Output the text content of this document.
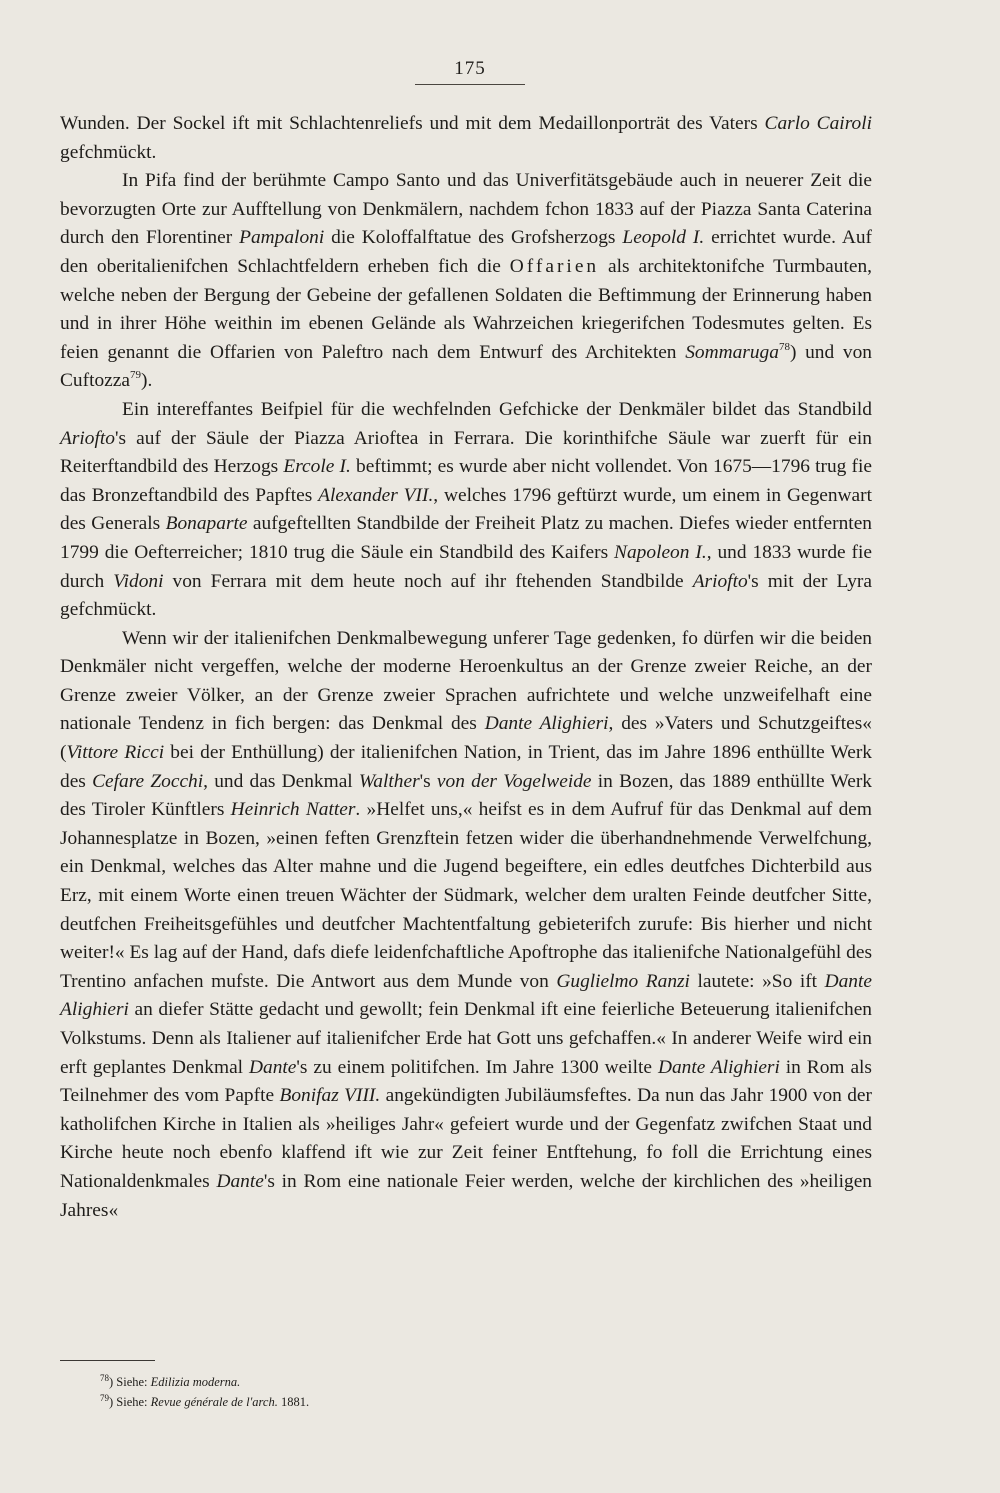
175

Wunden. Der Sockel ift mit Schlachtenreliefs und mit dem Medaillonporträt des Vaters Carlo Cairoli gefchmückt.

In Pifa find der berühmte Campo Santo und das Univerfitätsgebäude auch in neuerer Zeit die bevorzugten Orte zur Aufftellung von Denkmälern, nachdem fchon 1833 auf der Piazza Santa Caterina durch den Florentiner Pampaloni die Koloffalftatue des Grofsherzogs Leopold I. errichtet wurde. Auf den oberitalienifchen Schlachtfeldern erheben fich die Offarien als architektonifche Turmbauten, welche neben der Bergung der Gebeine der gefallenen Soldaten die Beftimmung der Erinnerung haben und in ihrer Höhe weithin im ebenen Gelände als Wahrzeichen kriegerifchen Todesmutes gelten. Es feien genannt die Offarien von Paleftro nach dem Entwurf des Architekten Sommaruga$^{78}$) und von Cuftozza$^{79}$).

Ein intereffantes Beifpiel für die wechfelnden Gefchicke der Denkmäler bildet das Standbild Ariofto's auf der Säule der Piazza Arioftea in Ferrara. Die korinthifche Säule war zuerft für ein Reiterftandbild des Herzogs Ercole I. beftimmt; es wurde aber nicht vollendet. Von 1675—1796 trug fie das Bronzeftandbild des Papftes Alexander VII., welches 1796 geftürzt wurde, um einem in Gegenwart des Generals Bonaparte aufgeftellten Standbilde der Freiheit Platz zu machen. Diefes wieder entfernten 1799 die Oefterreicher; 1810 trug die Säule ein Standbild des Kaifers Napoleon I., und 1833 wurde fie durch Vidoni von Ferrara mit dem heute noch auf ihr ftehenden Standbilde Ariofto's mit der Lyra gefchmückt.

Wenn wir der italienifchen Denkmalbewegung unferer Tage gedenken, fo dürfen wir die beiden Denkmäler nicht vergeffen, welche der moderne Heroenkultus an der Grenze zweier Reiche, an der Grenze zweier Völker, an der Grenze zweier Sprachen aufrichtete und welche unzweifelhaft eine nationale Tendenz in fich bergen: das Denkmal des Dante Alighieri, des »Vaters und Schutzgeiftes« (Vittore Ricci bei der Enthüllung) der italienifchen Nation, in Trient, das im Jahre 1896 enthüllte Werk des Cefare Zocchi, und das Denkmal Walther's von der Vogelweide in Bozen, das 1889 enthüllte Werk des Tiroler Künftlers Heinrich Natter. »Helfet uns,« heifst es in dem Aufruf für das Denkmal auf dem Johannesplatze in Bozen, »einen feften Grenzftein fetzen wider die überhandnehmende Verwelfchung, ein Denkmal, welches das Alter mahne und die Jugend begeiftere, ein edles deutfches Dichterbild aus Erz, mit einem Worte einen treuen Wächter der Südmark, welcher dem uralten Feinde deutfcher Sitte, deutfchen Freiheitsgefühles und deutfcher Machtentfaltung gebieterifch zurufe: Bis hierher und nicht weiter!« Es lag auf der Hand, dafs diefe leidenfchaftliche Apoftrophe das italienifche Nationalgefühl des Trentino anfachen mufste. Die Antwort aus dem Munde von Guglielmo Ranzi lautete: »So ift Dante Alighieri an diefer Stätte gedacht und gewollt; fein Denkmal ift eine feierliche Beteuerung italienifchen Volkstums. Denn als Italiener auf italienifcher Erde hat Gott uns gefchaffen.« In anderer Weife wird ein erft geplantes Denkmal Dante's zu einem politifchen. Im Jahre 1300 weilte Dante Alighieri in Rom als Teilnehmer des vom Papfte Bonifaz VIII. angekündigten Jubiläumsfeftes. Da nun das Jahr 1900 von der katholifchen Kirche in Italien als »heiliges Jahr« gefeiert wurde und der Gegenfatz zwifchen Staat und Kirche heute noch ebenfo klaffend ift wie zur Zeit feiner Entftehung, fo foll die Errichtung eines Nationaldenkmales Dante's in Rom eine nationale Feier werden, welche der kirchlichen des »heiligen Jahres«

$^{78}$) Siehe: Edilizia moderna.

$^{79}$) Siehe: Revue générale de l'arch. 1881.
